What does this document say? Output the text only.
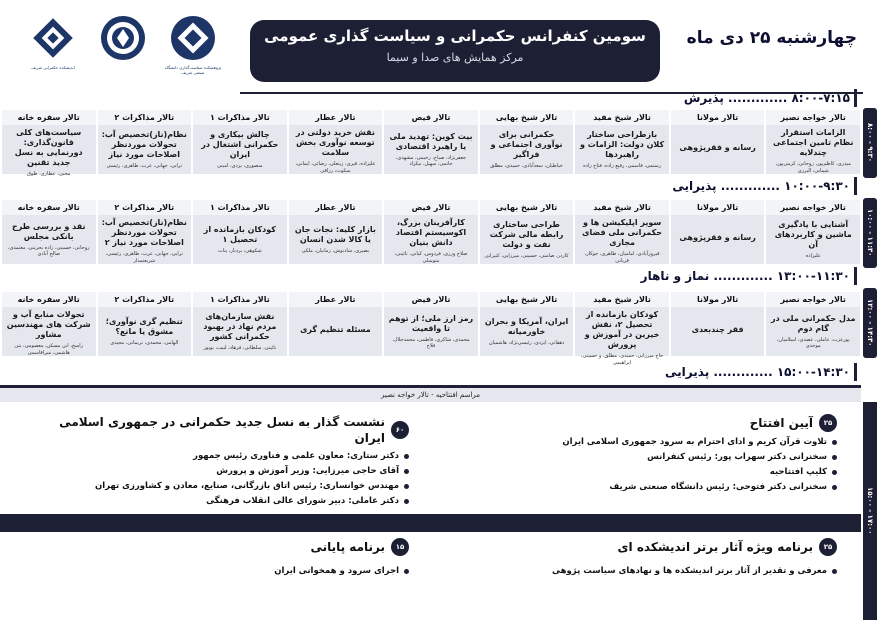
اندیشکده حکمرانی شریف	پژوهشکده سیاست‌گذاری دانشگاه صنعتی شریف
سومین کنفرانس حکمرانی و سیاست گذاری عمومی
مرکز همایش های صدا و سیما
چهارشنبه ۲۵ دی ماه
۸:۰۰-۷:۱۵ ............. پذیرش
۸:۰۰ - ۹:۳۰
تالار خواجه نصیر
الزامات استقرار نظام تامین اجتماعی چندلایه
میدری، کاظم‌پور، روحانی، کرمی‌پور، شیبانی، البرزی
تالار مولانا
رسانه و فقرپژوهی
تالار شیخ مفید
بازطراحی ساختار کلان دولت: الزامات و راهبردها
رستمی، قاسمی، رفیع زاده، فتاح زاده
تالار شیخ بهایی
حکمرانی برای نوآوری اجتماعی و فراگیر
خیاطیان، سعدآبادی، حمیدی، مطلق
تالار فیض
بیت کوین: تهدید ملی یا راهبرد اقتصادی
جعفرنژاد، صباح، رحیمی، مشهدی، حاتمی، سهیل، نیکزاد
تالار عطار
نقش خرید دولتی در توسعه نوآوری بخش سلامت
علیزاده، قیری، زینعلی، رضائی، ایمانی، سکوت، رزاقی
تالار مذاکرات ۱
چالش بیکاری و حکمرانی اشتغال در ایران
منصوری، یزدی، امینی
تالار مذاکرات ۲
نظام(ناز)تخصیص آب: تحولات موردنظر اصلاحات مورد نیاز
ترابی، جهانی، عرب، طاهری، رئیسی
تالار سفره خانه
سیاست‌های کلی قانون‌گذاری: دورنمایی به نسل جدید تقنین
محبی، عطاری، طوق
۱۰:۰۰-۹:۳۰ ............. پذیرایی
۱۰:۰۰ - ۱۱:۳۰
تالار خواجه نصیر
آشنایی با یادگیری ماشین و کاربردهای آن
علیزاده
تالار مولانا
رسانه و فقرپژوهی
تالار شیخ مفید
سوپر اپلیکیشن ها و حکمرانی ملی فضای مجازی
فیروزآبادی، امامیان، طاهری، جوکار، قربانی
تالار شیخ بهایی
طراحی ساختاری رابطه مالی شرکت نفت و دولت
کاردر، صامتی، حسینی، میرزایی، کتیرایی
تالار فیض
کارآفرینان بزرگ، اکوسیستم اقتصاد دانش بنیان
صلاح ورزی، فردوس، کیانی، نائینی، متوسلی
تالار عطار
بازار کلیه: نجات جان یا کالا شدن انسان
بصیری، شادنوش، زمانیان، ملکی
تالار مذاکرات ۱
کودکان بازمانده از تحصیل ۱
شکوهی، بردبار، ینات
تالار مذاکرات ۲
نظام(ناز)تخصیص آب: تحولات موردنظر اصلاحات مورد نیاز ۲
ترابی، جهانی، عرب، طاهری، رئیسی، شریعتمدار
تالار سفره خانه
نقد و بررسی طرح بانکی مجلس
روحانی، حسینی، زاده بحرینی، معتمدی، صالح آبادی
۱۳:۰۰-۱۱:۳۰ ............. نماز و ناهار
۱۲:۰۰ - ۱۴:۳۰
تالار خواجه نصیر
مدل حکمرانی ملی در گام دوم
پورعزت، عاملی، عضدی، اسلامیان، موحدی
تالار مولانا
فقر چندبعدی
تالار شیخ مفید
کودکان بازمانده از تحصیل ۲، نقش خیرین در آموزش و پرورش
حاج میرزایی، حمیدی، مطلق، و حسینی، ابراهیمی
تالار شیخ بهایی
ایران، آمریکا و بحران خاورمیانه
دهقانی، ایزدی، رئیسی‌نژاد، هاشمیان
تالار فیض
رمز ارز ملی؛ از توهم تا واقعیت
محمدی، شاکری، فاطمی، محمدجلال، فلاح
تالار عطار
مسئله تنظیم گری
تالار مذاکرات ۱
نقش سازمان‌های مردم نهاد در بهبود حکمرانی کشور
نائینی، سلطانی، فرهاد، لبیب، بویور
تالار مذاکرات ۲
تنظیم گری نوآوری؛ مشوق یا مانع؟
الهامی، محمدی، نریمانی، مجیدی
تالار سفره خانه
تحولات منابع آب و شرکت های مهندسین مشاور
راسخ، ابن مسکن، معصومی، بنی هاشمی، میراقاسمی
۱۵:۰۰-۱۴:۳۰ ............. پذیرایی
مراسم افتتاحیه - تالار خواجه نصیر
۱۵:۰۰ - ۱۷:۰۰
۲۵
آیین افتتاح
تلاوت قرآن کریم و ادای احترام به سرود جمهوری اسلامی ایران
سخنرانی دکتر سهراب پور: رئیس کنفرانس
کلیپ افتتاحیه
سخنرانی دکتر فتوحی: رئیس دانشگاه صنعتی شریف
۶۰
نشست گذار به نسل جدید حکمرانی در جمهوری اسلامی ایران
دکتر ستاری: معاون علمی و فناوری رئیس جمهور
آقای حاجی میرزایی: وزیر آموزش و پرورش
مهندس خوانساری: رئیس اتاق بازرگانی، صنایع، معادن و کشاورزی تهران
دکتر عاملی: دبیر شورای عالی انقلاب فرهنگی
۲۵
برنامه ویژه آثار برتر اندیشکده ای
معرفی و تقدیر از آثار برتر اندیشکده ها و نهادهای سیاست پژوهی
۱۵
برنامه پایانی
اجرای سرود و همخوانی ایران
